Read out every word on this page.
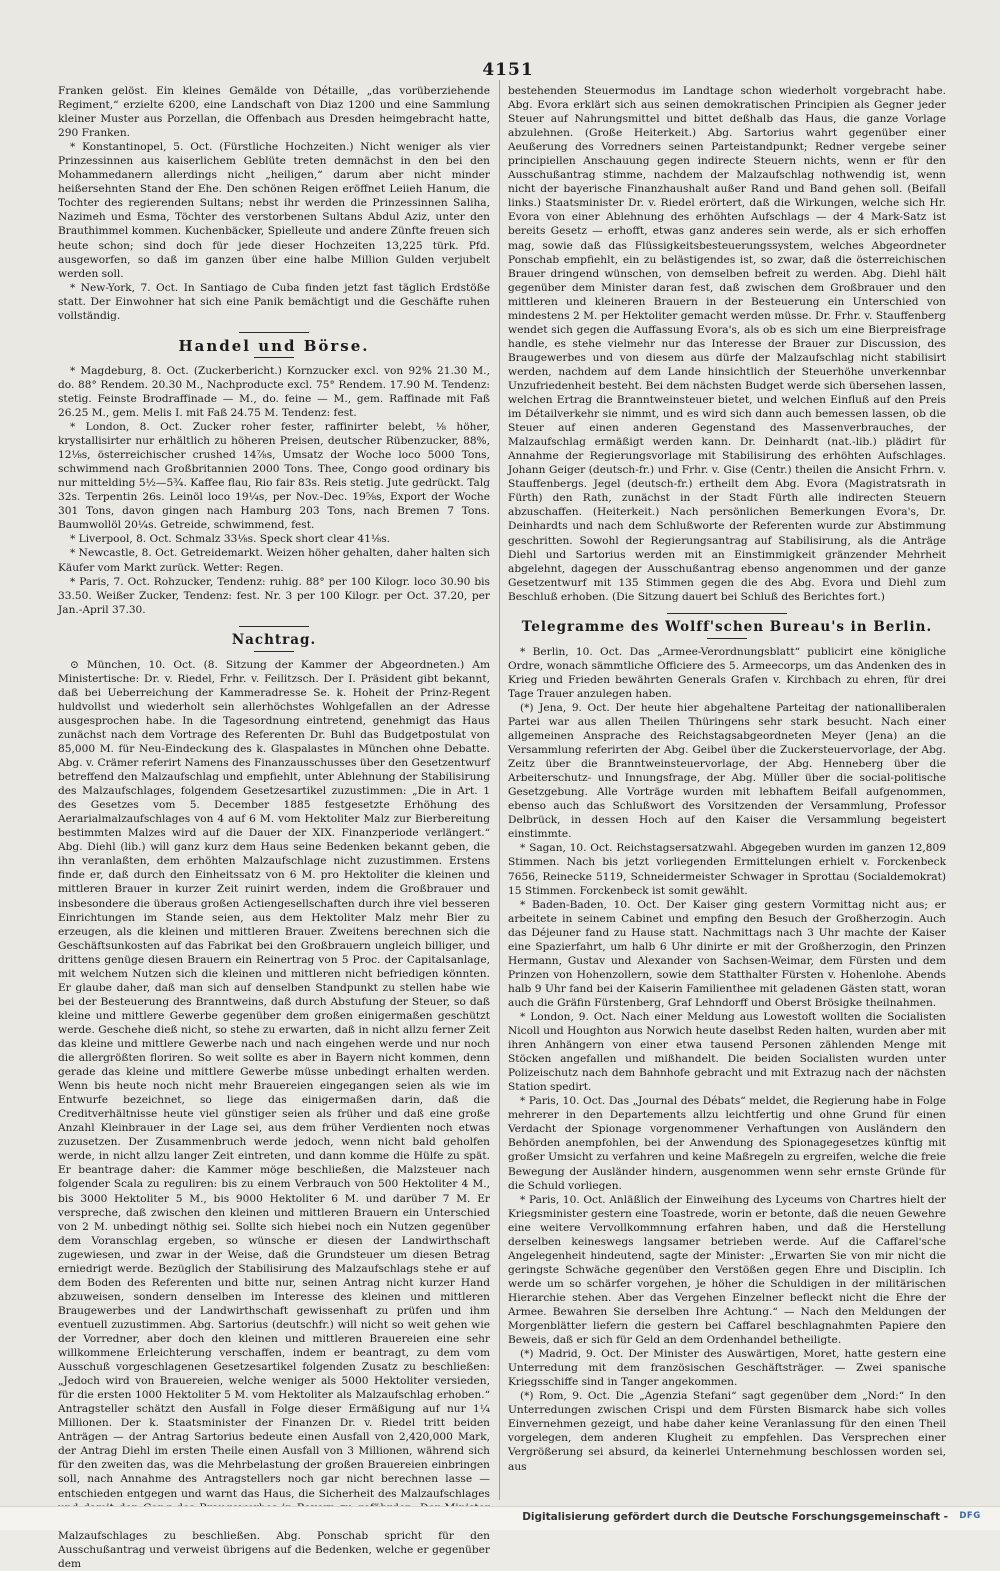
4151

Franken gelöst. Ein kleines Gemälde von Détaille, „das vorüberziehende Regiment,“ erzielte 6200, eine Landschaft von Diaz 1200 und eine Sammlung kleiner Muster aus Porzellan, die Offenbach aus Dresden heimgebracht hatte, 290 Franken.

* Konstantinopel, 5. Oct. (Fürstliche Hochzeiten.) Nicht weniger als vier Prinzessinnen aus kaiserlichem Geblüte treten demnächst in den bei den Mohammedanern allerdings nicht „heiligen,“ darum aber nicht minder heißersehnten Stand der Ehe. Den schönen Reigen eröffnet Leiieh Hanum, die Tochter des regierenden Sultans; nebst ihr werden die Prinzessinnen Saliha, Nazimeh und Esma, Töchter des verstorbenen Sultans Abdul Aziz, unter den Brauthimmel kommen. Kuchenbäcker, Spielleute und andere Zünfte freuen sich heute schon; sind doch für jede dieser Hochzeiten 13,225 türk. Pfd. ausgeworfen, so daß im ganzen über eine halbe Million Gulden verjubelt werden soll.

* New-York, 7. Oct. In Santiago de Cuba finden jetzt fast täglich Erdstöße statt. Der Einwohner hat sich eine Panik bemächtigt und die Geschäfte ruhen vollständig.

Handel und Börse.

* Magdeburg, 8. Oct. (Zuckerbericht.) Kornzucker excl. von 92% 21.30 M., do. 88° Rendem. 20.30 M., Nachproducte excl. 75° Rendem. 17.90 M. Tendenz: stetig. Feinste Brodraffinade — M., do. feine — M., gem. Raffinade mit Faß 26.25 M., gem. Melis I. mit Faß 24.75 M. Tendenz: fest.

* London, 8. Oct. Zucker roher fester, raffinirter belebt, ⅛ höher, krystallisirter nur erhältlich zu höheren Preisen, deutscher Rübenzucker, 88%, 12⅛s, österreichischer crushed 14⅞s, Umsatz der Woche loco 5000 Tons, schwimmend nach Großbritannien 2000 Tons. Thee, Congo good ordinary bis nur mittelding 5½—5¾. Kaffee flau, Rio fair 83s. Reis stetig. Jute gedrückt. Talg 32s. Terpentin 26s. Leinöl loco 19¼s, per Nov.-Dec. 19⅝s, Export der Woche 301 Tons, davon gingen nach Hamburg 203 Tons, nach Bremen 7 Tons. Baumwollöl 20¼s. Getreide, schwimmend, fest.

* Liverpool, 8. Oct. Schmalz 33⅛s. Speck short clear 41⅛s.

* Newcastle, 8. Oct. Getreidemarkt. Weizen höher gehalten, daher halten sich Käufer vom Markt zurück. Wetter: Regen.

* Paris, 7. Oct. Rohzucker, Tendenz: ruhig. 88° per 100 Kilogr. loco 30.90 bis 33.50. Weißer Zucker, Tendenz: fest. Nr. 3 per 100 Kilogr. per Oct. 37.20, per Jan.-April 37.30.

Nachtrag.

⊙ München, 10. Oct. (8. Sitzung der Kammer der Abgeordneten.) Am Ministertische: Dr. v. Riedel, Frhr. v. Feilitzsch. Der I. Präsident gibt bekannt, daß bei Ueberreichung der Kammeradresse Se. k. Hoheit der Prinz-Regent huldvollst und wiederholt sein allerhöchstes Wohlgefallen an der Adresse ausgesprochen habe. In die Tagesordnung eintretend, genehmigt das Haus zunächst nach dem Vortrage des Referenten Dr. Buhl das Budgetpostulat von 85,000 M. für Neu-Eindeckung des k. Glaspalastes in München ohne Debatte. Abg. v. Crämer referirt Namens des Finanzausschusses über den Gesetzentwurf betreffend den Malzaufschlag und empfiehlt, unter Ablehnung der Stabilisirung des Malzaufschlages, folgendem Gesetzesartikel zuzustimmen: „Die in Art. 1 des Gesetzes vom 5. December 1885 festgesetzte Erhöhung des Aerarialmalzaufschlages von 4 auf 6 M. vom Hektoliter Malz zur Bierbereitung bestimmten Malzes wird auf die Dauer der XIX. Finanzperiode verlängert.“ Abg. Diehl (lib.) will ganz kurz dem Haus seine Bedenken bekannt geben, die ihn veranlaßten, dem erhöhten Malzaufschlage nicht zuzustimmen. Erstens finde er, daß durch den Einheitssatz von 6 M. pro Hektoliter die kleinen und mittleren Brauer in kurzer Zeit ruinirt werden, indem die Großbrauer und insbesondere die überaus großen Actiengesellschaften durch ihre viel besseren Einrichtungen im Stande seien, aus dem Hektoliter Malz mehr Bier zu erzeugen, als die kleinen und mittleren Brauer. Zweitens berechnen sich die Geschäftsunkosten auf das Fabrikat bei den Großbrauern ungleich billiger, und drittens genüge diesen Brauern ein Reinertrag von 5 Proc. der Capitalsanlage, mit welchem Nutzen sich die kleinen und mittleren nicht befriedigen könnten. Er glaube daher, daß man sich auf denselben Standpunkt zu stellen habe wie bei der Besteuerung des Branntweins, daß durch Abstufung der Steuer, so daß kleine und mittlere Gewerbe gegenüber dem großen einigermaßen geschützt werde. Geschehe dieß nicht, so stehe zu erwarten, daß in nicht allzu ferner Zeit das kleine und mittlere Gewerbe nach und nach eingehen werde und nur noch die allergrößten floriren. So weit sollte es aber in Bayern nicht kommen, denn gerade das kleine und mittlere Gewerbe müsse unbedingt erhalten werden. Wenn bis heute noch nicht mehr Brauereien eingegangen seien als wie im Entwurfe bezeichnet, so liege das einigermaßen darin, daß die Creditverhältnisse heute viel günstiger seien als früher und daß eine große Anzahl Kleinbrauer in der Lage sei, aus dem früher Verdienten noch etwas zuzusetzen. Der Zusammenbruch werde jedoch, wenn nicht bald geholfen werde, in nicht allzu langer Zeit eintreten, und dann komme die Hülfe zu spät. Er beantrage daher: die Kammer möge beschließen, die Malzsteuer nach folgender Scala zu reguliren: bis zu einem Verbrauch von 500 Hektoliter 4 M., bis 3000 Hektoliter 5 M., bis 9000 Hektoliter 6 M. und darüber 7 M. Er verspreche, daß zwischen den kleinen und mittleren Brauern ein Unterschied von 2 M. unbedingt nöthig sei. Sollte sich hiebei noch ein Nutzen gegenüber dem Voranschlag ergeben, so wünsche er diesen der Landwirthschaft zugewiesen, und zwar in der Weise, daß die Grundsteuer um diesen Betrag erniedrigt werde. Bezüglich der Stabilisirung des Malzaufschlags stehe er auf dem Boden des Referenten und bitte nur, seinen Antrag nicht kurzer Hand abzuweisen, sondern denselben im Interesse des kleinen und mittleren Braugewerbes und der Landwirthschaft gewissenhaft zu prüfen und ihm eventuell zuzustimmen. Abg. Sartorius (deutschfr.) will nicht so weit gehen wie der Vorredner, aber doch den kleinen und mittleren Brauereien eine sehr willkommene Erleichterung verschaffen, indem er beantragt, zu dem vom Ausschuß vorgeschlagenen Gesetzesartikel folgenden Zusatz zu beschließen: „Jedoch wird von Brauereien, welche weniger als 5000 Hektoliter versieden, für die ersten 1000 Hektoliter 5 M. vom Hektoliter als Malzaufschlag erhoben.“ Antragsteller schätzt den Ausfall in Folge dieser Ermäßigung auf nur 1¼ Millionen. Der k. Staatsminister der Finanzen Dr. v. Riedel tritt beiden Anträgen — der Antrag Sartorius bedeute einen Ausfall von 2,420,000 Mark, der Antrag Diehl im ersten Theile einen Ausfall von 3 Millionen, während sich für den zweiten das, was die Mehrbelastung der großen Brauereien einbringen soll, nach Annahme des Antragstellers noch gar nicht berechnen lasse — entschieden entgegen und warnt das Haus, die Sicherheit des Malzaufschlages Malzaufschlages zu beschließen. Abg. Ponschab spricht für den Ausschußantrag und verweist übrigens auf die Bedenken, welche er gegenüber dem

bestehenden Steuermodus im Landtage schon wiederholt vorgebracht habe. Abg. Evora erklärt sich aus seinen demokratischen Principien als Gegner jeder Steuer auf Nahrungsmittel und bittet deßhalb das Haus, die ganze Vorlage abzulehnen. (Große Heiterkeit.) Abg. Sartorius wahrt gegenüber einer Aeußerung des Vorredners seinen Parteistandpunkt; Redner vergebe seiner principiellen Anschauung gegen indirecte Steuern nichts, wenn er für den Ausschußantrag stimme, nachdem der Malzaufschlag nothwendig ist, wenn nicht der bayerische Finanzhaushalt außer Rand und Band gehen soll. (Beifall links.) Staatsminister Dr. v. Riedel erörtert, daß die Wirkungen, welche sich Hr. Evora von einer Ablehnung des erhöhten Aufschlags — der 4 Mark-Satz ist bereits Gesetz — erhofft, etwas ganz anderes sein werde, als er sich erhoffen mag, sowie daß das Flüssigkeitsbesteuerungssystem, welches Abgeordneter Ponschab empfiehlt, ein zu belästigendes ist, so zwar, daß die österreichischen Brauer dringend wünschen, von demselben befreit zu werden. Abg. Diehl hält gegenüber dem Minister daran fest, daß zwischen dem Großbrauer und den mittleren und kleineren Brauern in der Besteuerung ein Unterschied von mindestens 2 M. per Hektoliter gemacht werden müsse. Dr. Frhr. v. Stauffenberg wendet sich gegen die Auffassung Evora's, als ob es sich um eine Bierpreisfrage handle, es stehe vielmehr nur das Interesse der Brauer zur Discussion, des Braugewerbes und von diesem aus dürfe der Malzaufschlag nicht stabilisirt werden, nachdem auf dem Lande hinsichtlich der Steuerhöhe unverkennbar Unzufriedenheit besteht. Bei dem nächsten Budget werde sich übersehen lassen, welchen Ertrag die Branntweinsteuer bietet, und welchen Einfluß auf den Preis im Détailverkehr sie nimmt, und es wird sich dann auch bemessen lassen, ob die Steuer auf einen anderen Gegenstand des Massenverbrauches, der Malzaufschlag ermäßigt werden kann. Dr. Deinhardt (nat.-lib.) plädirt für Annahme der Regierungsvorlage mit Stabilisirung des erhöhten Aufschlages. Johann Geiger (deutsch-fr.) und Frhr. v. Gise (Centr.) theilen die Ansicht Frhrn. v. Stauffenbergs. Jegel (deutsch-fr.) ertheilt dem Abg. Evora (Magistratsrath in Fürth) den Rath, zunächst in der Stadt Fürth alle indirecten Steuern abzuschaffen. (Heiterkeit.) Nach persönlichen Bemerkungen Evora's, Dr. Deinhardts und nach dem Schlußworte der Referenten wurde zur Abstimmung geschritten. Sowohl der Regierungsantrag auf Stabilisirung, als die Anträge Diehl und Sartorius werden mit an Einstimmigkeit gränzender Mehrheit abgelehnt, dagegen der Ausschußantrag ebenso angenommen und der ganze Gesetzentwurf mit 135 Stimmen gegen die des Abg. Evora und Diehl zum Beschluß erhoben. (Die Sitzung dauert bei Schluß des Berichtes fort.)

Telegramme des Wolff'schen Bureau's in Berlin.

* Berlin, 10. Oct. Das „Armee-Verordnungsblatt“ publicirt eine königliche Ordre, wonach sämmtliche Officiere des 5. Armeecorps, um das Andenken des in Krieg und Frieden bewährten Generals Grafen v. Kirchbach zu ehren, für drei Tage Trauer anzulegen haben.

(*) Jena, 9. Oct. Der heute hier abgehaltene Parteitag der nationalliberalen Partei war aus allen Theilen Thüringens sehr stark besucht. Nach einer allgemeinen Ansprache des Reichstagsabgeordneten Meyer (Jena) an die Versammlung referirten der Abg. Geibel über die Zuckersteuervorlage, der Abg. Zeitz über die Branntweinsteuervorlage, der Abg. Henneberg über die Arbeiterschutz- und Innungsfrage, der Abg. Müller über die social-politische Gesetzgebung. Alle Vorträge wurden mit lebhaftem Beifall aufgenommen, ebenso auch das Schlußwort des Vorsitzenden der Versammlung, Professor Delbrück, in dessen Hoch auf den Kaiser die Versammlung begeistert einstimmte.

* Sagan, 10. Oct. Reichstagsersatzwahl. Abgegeben wurden im ganzen 12,809 Stimmen. Nach bis jetzt vorliegenden Ermittelungen erhielt v. Forckenbeck 7656, Reinecke 5119, Schneidermeister Schwager in Sprottau (Socialdemokrat) 15 Stimmen. Forckenbeck ist somit gewählt.

* Baden-Baden, 10. Oct. Der Kaiser ging gestern Vormittag nicht aus; er arbeitete in seinem Cabinet und empfing den Besuch der Großherzogin. Auch das Déjeuner fand zu Hause statt. Nachmittags nach 3 Uhr machte der Kaiser eine Spazierfahrt, um halb 6 Uhr dinirte er mit der Großherzogin, den Prinzen Hermann, Gustav und Alexander von Sachsen-Weimar, dem Fürsten und dem Prinzen von Hohenzollern, sowie dem Statthalter Fürsten v. Hohenlohe. Abends halb 9 Uhr fand bei der Kaiserin Familienthee mit geladenen Gästen statt, woran auch die Gräfin Fürstenberg, Graf Lehndorff und Oberst Brösigke theilnahmen.

* London, 9. Oct. Nach einer Meldung aus Lowestoft wollten die Socialisten Nicoll und Houghton aus Norwich heute daselbst Reden halten, wurden aber mit ihren Anhängern von einer etwa tausend Personen zählenden Menge mit Stöcken angefallen und mißhandelt. Die beiden Socialisten wurden unter Polizeischutz nach dem Bahnhofe gebracht und mit Extrazug nach der nächsten Station spedirt.

* Paris, 10. Oct. Das „Journal des Débats“ meldet, die Regierung habe in Folge mehrerer in den Departements allzu leichtfertig und ohne Grund für einen Verdacht der Spionage vorgenommener Verhaftungen von Ausländern den Behörden anempfohlen, bei der Anwendung des Spionagegesetzes künftig mit großer Umsicht zu verfahren und keine Maßregeln zu ergreifen, welche die freie Bewegung der Ausländer hindern, ausgenommen wenn sehr ernste Gründe für die Schuld vorliegen.

* Paris, 10. Oct. Anläßlich der Einweihung des Lyceums von Chartres hielt der Kriegsminister gestern eine Toastrede, worin er betonte, daß die neuen Gewehre eine weitere Vervollkommnung erfahren haben, und daß die Herstellung derselben keineswegs langsamer betrieben werde. Auf die Caffarel'sche Angelegenheit hindeutend, sagte der Minister: „Erwarten Sie von mir nicht die geringste Schwäche gegenüber den Verstößen gegen Ehre und Disciplin. Ich werde um so schärfer vorgehen, je höher die Schuldigen in der militärischen Hierarchie stehen. Aber das Vergehen Einzelner befleckt nicht die Ehre der Armee. Bewahren Sie derselben Ihre Achtung.“ — Nach den Meldungen der Morgenblätter liefern die gestern bei Caffarel beschlagnahmten Papiere den Beweis, daß er sich für Geld an dem Ordenhandel betheiligte.

(*) Madrid, 9. Oct. Der Minister des Auswärtigen, Moret, hatte gestern eine Unterredung mit dem französischen Geschäftsträger. — Zwei spanische Kriegsschiffe sind in Tanger angekommen.

(*) Rom, 9. Oct. Die „Agenzia Stefani“ sagt gegenüber dem „Nord:“ In den Unterredungen zwischen Crispi und dem Fürsten Bismarck habe sich volles Einvernehmen gezeigt, und habe daher keine Veranlassung für den einen Theil vorgelegen, dem anderen Klugheit zu empfehlen. Das Versprechen einer Vergrößerung sei absurd, da keinerlei Unternehmung beschlossen worden sei, aus

Digitalisierung gefördert durch die Deutsche Forschungsgemeinschaft -	DFG
